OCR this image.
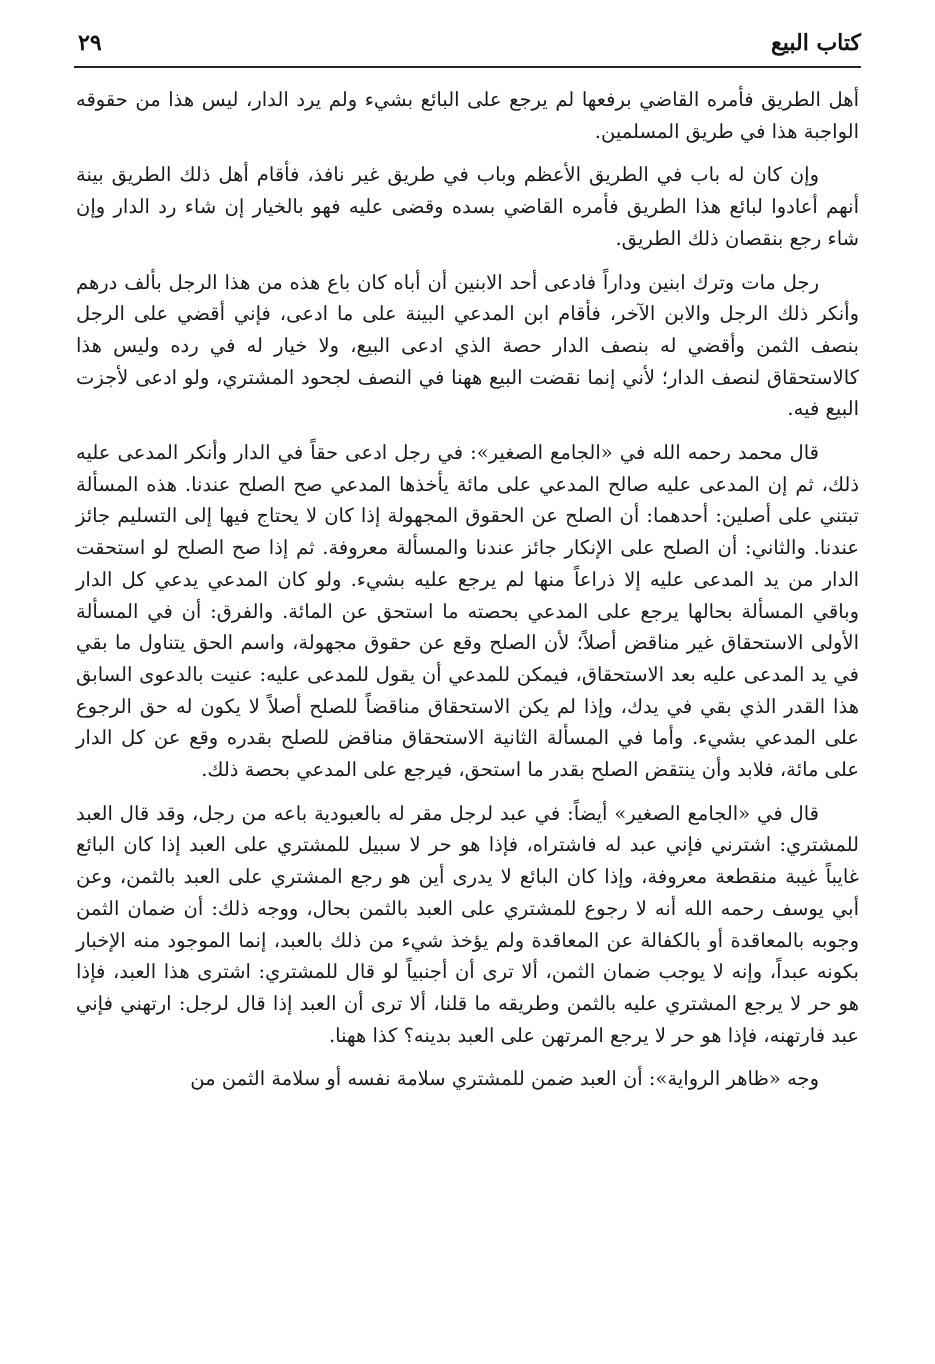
كتاب البيع
٢٩

أهل الطريق فأمره القاضي برفعها لم يرجع على البائع بشيء ولم يرد الدار، ليس هذا من حقوقه الواجبة هذا في طريق المسلمين.

وإن كان له باب في الطريق الأعظم وباب في طريق غير نافذ، فأقام أهل ذلك الطريق بينة أنهم أعادوا لبائع هذا الطريق فأمره القاضي بسده وقضى عليه فهو بالخيار إن شاء رد الدار وإن شاء رجع بنقصان ذلك الطريق.

رجل مات وترك ابنين وداراً فادعى أحد الابنين أن أباه كان باع هذه من هذا الرجل بألف درهم وأنكر ذلك الرجل والابن الآخر، فأقام ابن المدعي البينة على ما ادعى، فإني أقضي على الرجل بنصف الثمن وأقضي له بنصف الدار حصة الذي ادعى البيع، ولا خيار له في رده وليس هذا كالاستحقاق لنصف الدار؛ لأني إنما نقضت البيع ههنا في النصف لجحود المشتري، ولو ادعى لأجزت البيع فيه.

قال محمد رحمه الله في «الجامع الصغير»: في رجل ادعى حقاً في الدار وأنكر المدعى عليه ذلك، ثم إن المدعى عليه صالح المدعي على مائة يأخذها المدعي صح الصلح عندنا. هذه المسألة تبتني على أصلين: أحدهما: أن الصلح عن الحقوق المجهولة إذا كان لا يحتاج فيها إلى التسليم جائز عندنا. والثاني: أن الصلح على الإنكار جائز عندنا والمسألة معروفة. ثم إذا صح الصلح لو استحقت الدار من يد المدعى عليه إلا ذراعاً منها لم يرجع عليه بشيء. ولو كان المدعي يدعي كل الدار وباقي المسألة بحالها يرجع على المدعي بحصته ما استحق عن المائة. والفرق: أن في المسألة الأولى الاستحقاق غير مناقض أصلاً؛ لأن الصلح وقع عن حقوق مجهولة، واسم الحق يتناول ما بقي في يد المدعى عليه بعد الاستحقاق، فيمكن للمدعي أن يقول للمدعى عليه: عنيت بالدعوى السابق هذا القدر الذي بقي في يدك، وإذا لم يكن الاستحقاق مناقضاً للصلح أصلاً لا يكون له حق الرجوع على المدعي بشيء. وأما في المسألة الثانية الاستحقاق مناقض للصلح بقدره وقع عن كل الدار على مائة، فلابد وأن ينتقض الصلح بقدر ما استحق، فيرجع على المدعي بحصة ذلك.

قال في «الجامع الصغير» أيضاً: في عبد لرجل مقر له بالعبودية باعه من رجل، وقد قال العبد للمشتري: اشترني فإني عبد له فاشتراه، فإذا هو حر لا سبيل للمشتري على العبد إذا كان البائع غايباً غيبة منقطعة معروفة، وإذا كان البائع لا يدرى أين هو رجع المشتري على العبد بالثمن، وعن أبي يوسف رحمه الله أنه لا رجوع للمشتري على العبد بالثمن بحال، ووجه ذلك: أن ضمان الثمن وجوبه بالمعاقدة أو بالكفالة عن المعاقدة ولم يؤخذ شيء من ذلك بالعبد، إنما الموجود منه الإخبار بكونه عبداً، وإنه لا يوجب ضمان الثمن، ألا ترى أن أجنبياً لو قال للمشتري: اشترى هذا العبد، فإذا هو حر لا يرجع المشتري عليه بالثمن وطريقه ما قلنا، ألا ترى أن العبد إذا قال لرجل: ارتهني فإني عبد فارتهنه، فإذا هو حر لا يرجع المرتهن على العبد بدينه؟ كذا ههنا.

وجه «ظاهر الرواية»: أن العبد ضمن للمشتري سلامة نفسه أو سلامة الثمن من
